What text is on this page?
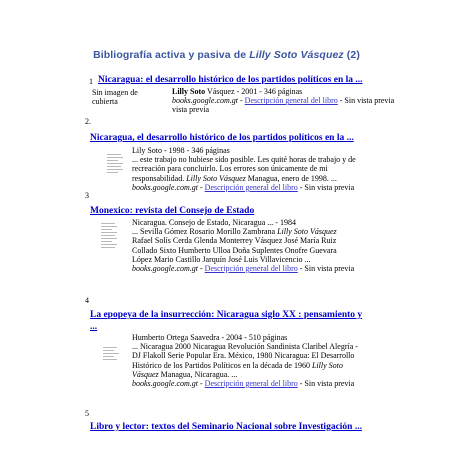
Bibliografía activa y pasiva de Lilly Soto Vásquez (2)
1 Nicaragua: el desarrollo histórico de los partidos políticos en la ...
Sin imagen de cubierta
Lilly Soto Vásquez - 2001 - 346 páginas
books.google.com.gt - Descripción general del libro - Sin vista previa
vista previa
2.
Nicaragua, el desarrollo histórico de los partidos políticos en la ...
Lily Soto - 1998 - 346 páginas
... este trabajo no hubiese sido posible. Les quité horas de trabajo y de
recreación para concluirlo. Los errores son únicamente de mi
responsabilidad. Lilly Soto Vásquez Managua, enero de 1998. ...
books.google.com.gt - Descripción general del libro - Sin vista previa
3
Monexico: revista del Consejo de Estado
Nicaragua. Consejo de Estado, Nicaragua ... - 1984
... Sevilla Gómez Rosario Morillo Zambrana Lilly Soto Vásquez
Rafael Solís Cerda Glenda Monterrey Vásquez José María Ruiz
Collado Sixto Humberto Ulloa Doña Suplentes Onofre Guevara
López Mario Castillo Jarquín José Luis Villavicencio ...
books.google.com.gt - Descripción general del libro - Sin vista previa
4
La epopeya de la insurrección: Nicaragua siglo XX : pensamiento y
...
Humberto Ortega Saavedra - 2004 - 510 páginas
... Nicaragua 2000 Nicaragua Revolución Sandinista Claribel Alegría -
DJ Flakoll Serie Popular Era. México, 1980 Nicaragua: El Desarrollo
Histórico de los Partidos Políticos en la década de 1960 Lilly Soto
Vásquez Managua, Nicaragua. ...
books.google.com.gt - Descripción general del libro - Sin vista previa
5
Libro y lector: textos del Seminario Nacional sobre Investigación ...
